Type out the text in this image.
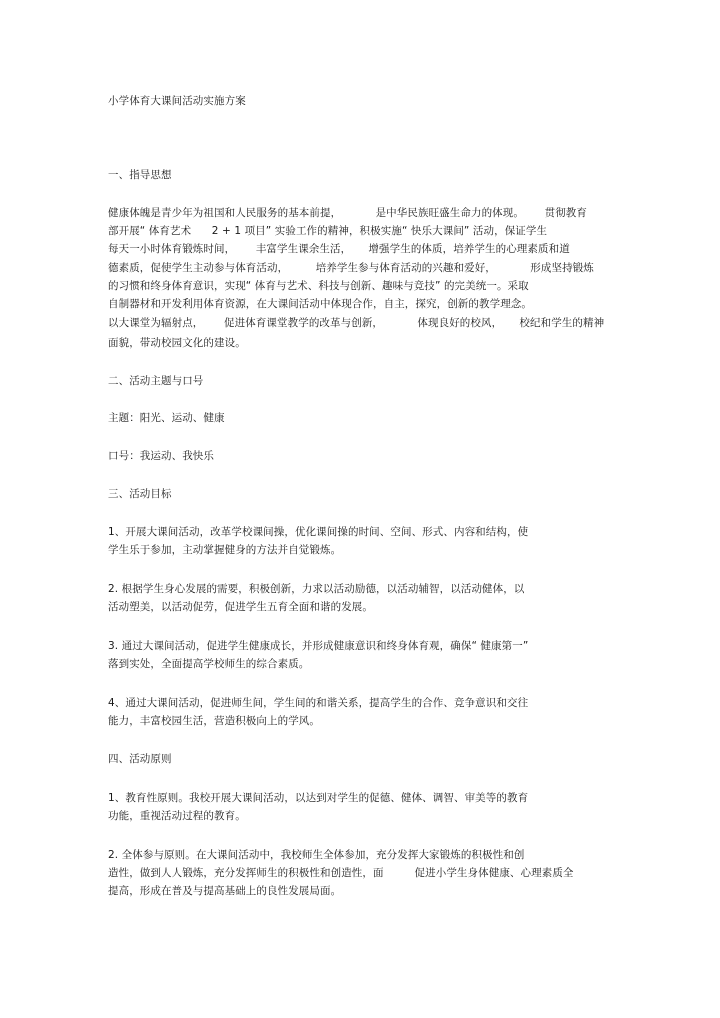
小学体育大课间活动实施方案

一、指导思想

健康体魄是青少年为祖国和人民服务的基本前提，          是中华民族旺盛生命力的体现。      贯彻教育

部开展“ 体育艺术      2 + 1 项目” 实验工作的精神，积极实施“ 快乐大课间” 活动，保证学生

每天一小时体育锻炼时间，      丰富学生课余生活，     增强学生的体质，培养学生的心理素质和道

德素质，促使学生主动参与体育活动，        培养学生参与体育活动的兴趣和爱好，          形成坚持锻炼

的习惯和终身体育意识，实现“ 体育与艺术、科技与创新、趣味与竞技” 的完美统一。采取

自制器材和开发利用体育资源，在大课间活动中体现合作，自主，探究，创新的教学理念。

以大课堂为辐射点，      促进体育课堂教学的改革与创新，          体现良好的校风，     校纪和学生的精神

面貌，带动校园文化的建设。

二、活动主题与口号

主题：阳光、运动、健康

口号：我运动、我快乐

三、活动目标

1、开展大课间活动，改革学校课间操，优化课间操的时间、空间、形式、内容和结构，使

学生乐于参加，主动掌握健身的方法并自觉锻炼。

2. 根据学生身心发展的需要，积极创新，力求以活动励德，以活动辅智，以活动健体，以

活动塑美，以活动促劳，促进学生五育全面和谐的发展。

3. 通过大课间活动，促进学生健康成长，并形成健康意识和终身体育观，确保“ 健康第一”

落到实处，全面提高学校师生的综合素质。

4、通过大课间活动，促进师生间，学生间的和谐关系，提高学生的合作、竞争意识和交往

能力，丰富校园生活，营造积极向上的学风。

四、活动原则

1、教育性原则。我校开展大课间活动，以达到对学生的促德、健体、调智、审美等的教育

功能，重视活动过程的教育。

2. 全体参与原则。在大课间活动中，我校师生全体参加，充分发挥大家锻炼的积极性和创

造性，做到人人锻炼，充分发挥师生的积极性和创造性，面         促进小学生身体健康、心理素质全

提高，形成在普及与提高基础上的良性发展局面。
